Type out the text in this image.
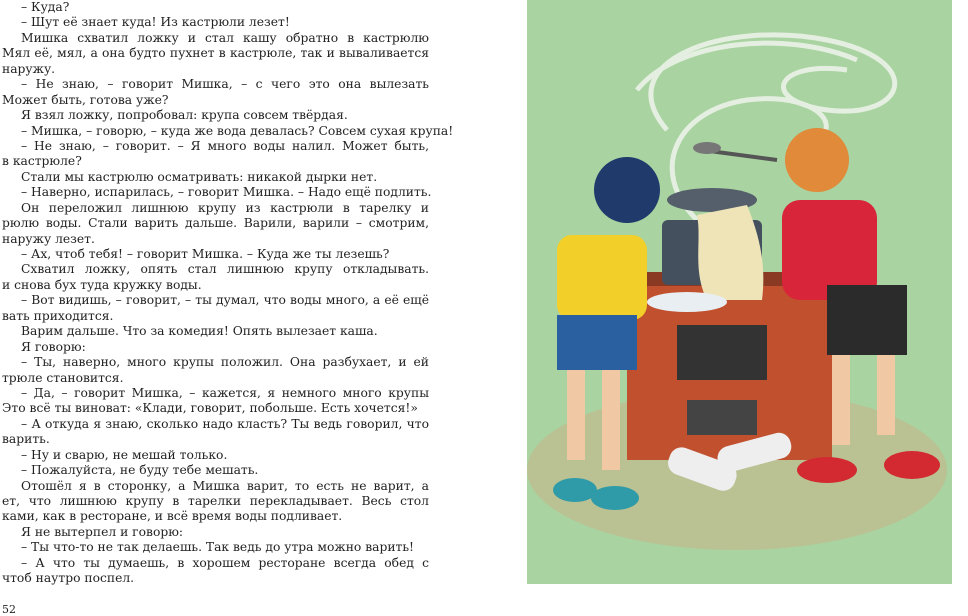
– Куда?
– Шут её знает куда! Из кастрюли лезет!
Мишка схватил ложку и стал кашу обратно в кастрюлю
Мял её, мял, а она будто пухнет в кастрюле, так и вываливается
наружу.
– Не знаю, – говорит Мишка, – с чего это она вылезать
Может быть, готова уже?
Я взял ложку, попробовал: крупа совсем твёрдая.
– Мишка, – говорю, – куда же вода девалась? Совсем сухая крупа!
– Не знаю, – говорит. – Я много воды налил. Может быть,
в кастрюле?
Стали мы кастрюлю осматривать: никакой дырки нет.
– Наверно, испарилась, – говорит Мишка. – Надо ещё подлить.
Он переложил лишнюю крупу из кастрюли в тарелку и
рюлю воды. Стали варить дальше. Варили, варили – смотрим,
наружу лезет.
– Ах, чтоб тебя! – говорит Мишка. – Куда же ты лезешь?
Схватил ложку, опять стал лишнюю крупу откладывать.
и снова бух туда кружку воды.
– Вот видишь, – говорит, – ты думал, что воды много, а её ещё
вать приходится.
Варим дальше. Что за комедия! Опять вылезает каша.
Я говорю:
– Ты, наверно, много крупы положил. Она разбухает, и ей
трюле становится.
– Да, – говорит Мишка, – кажется, я немного много крупы
Это всё ты виноват: «Клади, говорит, побольше. Есть хочется!»
– А откуда я знаю, сколько надо класть? Ты ведь говорил, что
варить.
– Ну и сварю, не мешай только.
– Пожалуйста, не буду тебе мешать.
Отошёл я в сторонку, а Мишка варит, то есть не варит, а
ет, что лишнюю крупу в тарелки перекладывает. Весь стол
ками, как в ресторане, и всё время воды подливает.
Я не вытерпел и говорю:
– Ты что-то не так делаешь. Так ведь до утра можно варить!
– А что ты думаешь, в хорошем ресторане всегда обед с
чтоб наутро поспел.
52
